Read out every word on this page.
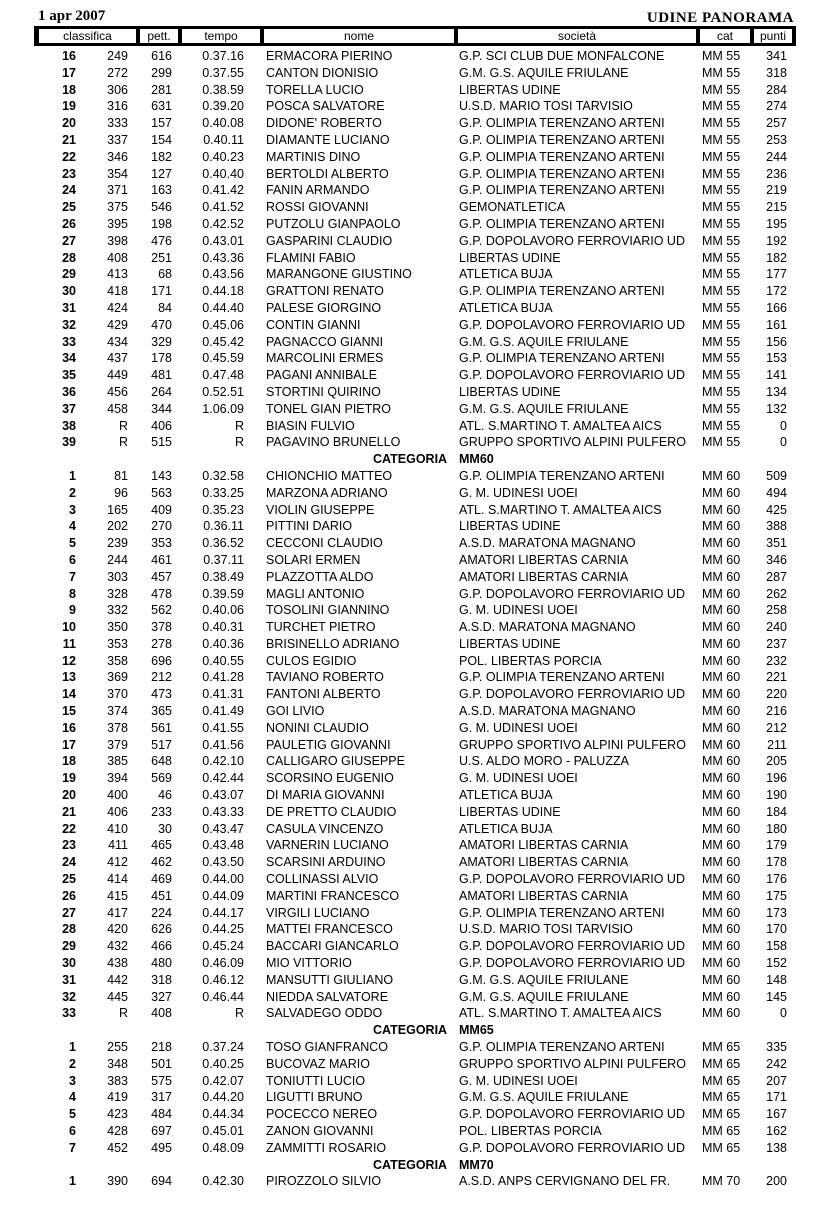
1 apr 2007	UDINE PANORAMA
classifica	pett.	tempo	nome	società	cat	punti
16	249	616	0.37.16 ERMACORA PIERINO	G.P. SCI CLUB DUE MONFALCONE	MM 55	341
17	272	299	0.37.55 CANTON DIONISIO	G.M. G.S. AQUILE FRIULANE	MM 55	318
18	306	281	0.38.59 TORELLA LUCIO	LIBERTAS UDINE	MM 55	284
19	316	631	0.39.20 POSCA SALVATORE	U.S.D. MARIO TOSI TARVISIO	MM 55	274
20	333	157	0.40.08 DIDONE' ROBERTO	G.P. OLIMPIA TERENZANO ARTENI	MM 55	257
21	337	154	0.40.11 DIAMANTE LUCIANO	G.P. OLIMPIA TERENZANO ARTENI	MM 55	253
22	346	182	0.40.23 MARTINIS DINO	G.P. OLIMPIA TERENZANO ARTENI	MM 55	244
23	354	127	0.40.40 BERTOLDI ALBERTO	G.P. OLIMPIA TERENZANO ARTENI	MM 55	236
24	371	163	0.41.42 FANIN ARMANDO	G.P. OLIMPIA TERENZANO ARTENI	MM 55	219
25	375	546	0.41.52 ROSSI GIOVANNI	GEMONATLETICA	MM 55	215
26	395	198	0.42.52 PUTZOLU GIANPAOLO	G.P. OLIMPIA TERENZANO ARTENI	MM 55	195
27	398	476	0.43.01 GASPARINI CLAUDIO	G.P. DOPOLAVORO FERROVIARIO UD MM 55	192
28	408	251	0.43.36 FLAMINI FABIO	LIBERTAS UDINE	MM 55	182
29	413	68	0.43.56 MARANGONE GIUSTINO	ATLETICA BUJA	MM 55	177
30	418	171	0.44.18 GRATTONI RENATO	G.P. OLIMPIA TERENZANO ARTENI	MM 55	172
31	424	84	0.44.40 PALESE GIORGINO	ATLETICA BUJA	MM 55	166
32	429	470	0.45.06 CONTIN GIANNI	G.P. DOPOLAVORO FERROVIARIO UD MM 55	161
33	434	329	0.45.42 PAGNACCO GIANNI	G.M. G.S. AQUILE FRIULANE	MM 55	156
34	437	178	0.45.59 MARCOLINI ERMES	G.P. OLIMPIA TERENZANO ARTENI	MM 55	153
35	449	481	0.47.48 PAGANI ANNIBALE	G.P. DOPOLAVORO FERROVIARIO UD MM 55	141
36	456	264	0.52.51 STORTINI QUIRINO	LIBERTAS UDINE	MM 55	134
37	458	344	1.06.09 TONEL GIAN PIETRO	G.M. G.S. AQUILE FRIULANE	MM 55	132
38	R	406	R BIASIN FULVIO	ATL. S.MARTINO T. AMALTEA AICS	MM 55	0
39	R	515	R PAGAVINO BRUNELLO	GRUPPO SPORTIVO ALPINI PULFERO MM 55	0
CATEGORIA MM60
1	81	143	0.32.58 CHIONCHIO MATTEO	G.P. OLIMPIA TERENZANO ARTENI	MM 60	509
2	96	563	0.33.25 MARZONA ADRIANO	G. M. UDINESI UOEI	MM 60	494
3	165	409	0.35.23 VIOLIN GIUSEPPE	ATL. S.MARTINO T. AMALTEA AICS	MM 60	425
4	202	270	0.36.11 PITTINI DARIO	LIBERTAS UDINE	MM 60	388
5	239	353	0.36.52 CECCONI CLAUDIO	A.S.D. MARATONA MAGNANO	MM 60	351
6	244	461	0.37.11 SOLARI ERMEN	AMATORI LIBERTAS CARNIA	MM 60	346
7	303	457	0.38.49 PLAZZOTTA ALDO	AMATORI LIBERTAS CARNIA	MM 60	287
8	328	478	0.39.59 MAGLI ANTONIO	G.P. DOPOLAVORO FERROVIARIO UD MM 60	262
9	332	562	0.40.06 TOSOLINI GIANNINO	G. M. UDINESI UOEI	MM 60	258
10	350	378	0.40.31 TURCHET PIETRO	A.S.D. MARATONA MAGNANO	MM 60	240
11	353	278	0.40.36 BRISINELLO ADRIANO	LIBERTAS UDINE	MM 60	237
12	358	696	0.40.55 CULOS EGIDIO	POL. LIBERTAS PORCIA	MM 60	232
13	369	212	0.41.28 TAVIANO ROBERTO	G.P. OLIMPIA TERENZANO ARTENI	MM 60	221
14	370	473	0.41.31 FANTONI ALBERTO	G.P. DOPOLAVORO FERROVIARIO UD MM 60	220
15	374	365	0.41.49 GOI LIVIO	A.S.D. MARATONA MAGNANO	MM 60	216
16	378	561	0.41.55 NONINI CLAUDIO	G. M. UDINESI UOEI	MM 60	212
17	379	517	0.41.56 PAULETIG GIOVANNI	GRUPPO SPORTIVO ALPINI PULFERO MM 60	211
18	385	648	0.42.10 CALLIGARO GIUSEPPE	U.S. ALDO MORO - PALUZZA	MM 60	205
19	394	569	0.42.44 SCORSINO EUGENIO	G. M. UDINESI UOEI	MM 60	196
20	400	46	0.43.07 DI MARIA GIOVANNI	ATLETICA BUJA	MM 60	190
21	406	233	0.43.33 DE PRETTO CLAUDIO	LIBERTAS UDINE	MM 60	184
22	410	30	0.43.47 CASULA VINCENZO	ATLETICA BUJA	MM 60	180
23	411	465	0.43.48 VARNERIN LUCIANO	AMATORI LIBERTAS CARNIA	MM 60	179
24	412	462	0.43.50 SCARSINI ARDUINO	AMATORI LIBERTAS CARNIA	MM 60	178
25	414	469	0.44.00 COLLINASSI ALVIO	G.P. DOPOLAVORO FERROVIARIO UD MM 60	176
26	415	451	0.44.09 MARTINI FRANCESCO	AMATORI LIBERTAS CARNIA	MM 60	175
27	417	224	0.44.17 VIRGILI LUCIANO	G.P. OLIMPIA TERENZANO ARTENI	MM 60	173
28	420	626	0.44.25 MATTEI FRANCESCO	U.S.D. MARIO TOSI TARVISIO	MM 60	170
29	432	466	0.45.24 BACCARI GIANCARLO	G.P. DOPOLAVORO FERROVIARIO UD MM 60	158
30	438	480	0.46.09 MIO VITTORIO	G.P. DOPOLAVORO FERROVIARIO UD MM 60	152
31	442	318	0.46.12 MANSUTTI GIULIANO	G.M. G.S. AQUILE FRIULANE	MM 60	148
32	445	327	0.46.44 NIEDDA SALVATORE	G.M. G.S. AQUILE FRIULANE	MM 60	145
33	R	408	R SALVADEGO ODDO	ATL. S.MARTINO T. AMALTEA AICS	MM 60	0
CATEGORIA MM65
1	255	218	0.37.24 TOSO GIANFRANCO	G.P. OLIMPIA TERENZANO ARTENI	MM 65	335
2	348	501	0.40.25 BUCOVAZ MARIO	GRUPPO SPORTIVO ALPINI PULFERO MM 65	242
3	383	575	0.42.07 TONIUTTI LUCIO	G. M. UDINESI UOEI	MM 65	207
4	419	317	0.44.20 LIGUTTI BRUNO	G.M. G.S. AQUILE FRIULANE	MM 65	171
5	423	484	0.44.34 POCECCO NEREO	G.P. DOPOLAVORO FERROVIARIO UD MM 65	167
6	428	697	0.45.01 ZANON GIOVANNI	POL. LIBERTAS PORCIA	MM 65	162
7	452	495	0.48.09 ZAMMITTI ROSARIO	G.P. DOPOLAVORO FERROVIARIO UD MM 65	138
CATEGORIA MM70
1	390	694	0.42.30 PIROZZOLO SILVIO	A.S.D. ANPS CERVIGNANO DEL FR.	MM 70	200
